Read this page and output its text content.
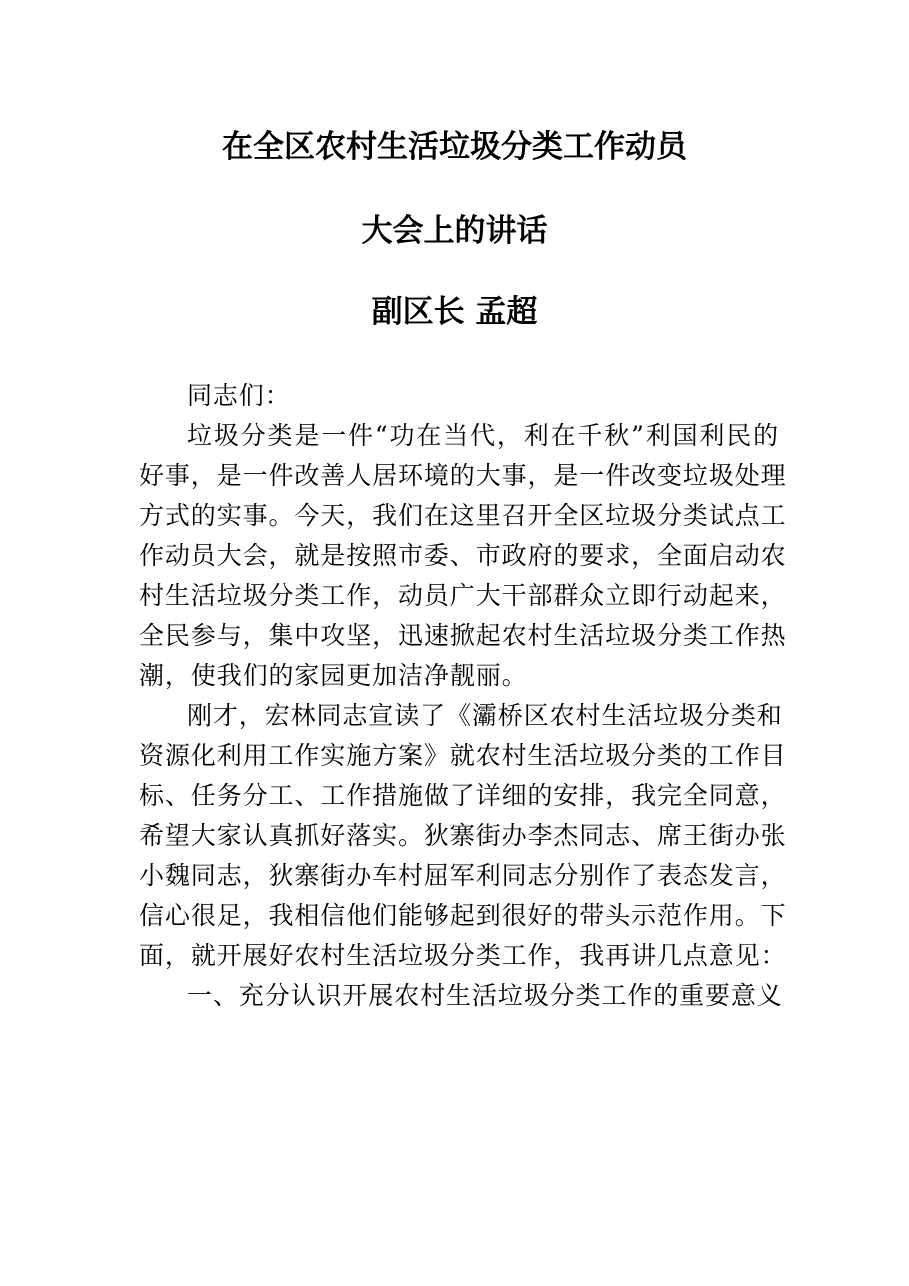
在全区农村生活垃圾分类工作动员
大会上的讲话
副区长 孟超
同志们：
垃圾分类是一件“功在当代，利在千秋”利国利民的
好事，是一件改善人居环境的大事，是一件改变垃圾处理
方式的实事。今天，我们在这里召开全区垃圾分类试点工
作动员大会，就是按照市委、市政府的要求，全面启动农
村生活垃圾分类工作，动员广大干部群众立即行动起来，
全民参与，集中攻坚，迅速掀起农村生活垃圾分类工作热
潮，使我们的家园更加洁净靓丽。
刚才，宏林同志宣读了《灞桥区农村生活垃圾分类和
资源化利用工作实施方案》就农村生活垃圾分类的工作目
标、任务分工、工作措施做了详细的安排，我完全同意，
希望大家认真抓好落实。狄寨街办李杰同志、席王街办张
小魏同志，狄寨街办车村屈军利同志分别作了表态发言，
信心很足，我相信他们能够起到很好的带头示范作用。下
面，就开展好农村生活垃圾分类工作，我再讲几点意见：
一、充分认识开展农村生活垃圾分类工作的重要意义
